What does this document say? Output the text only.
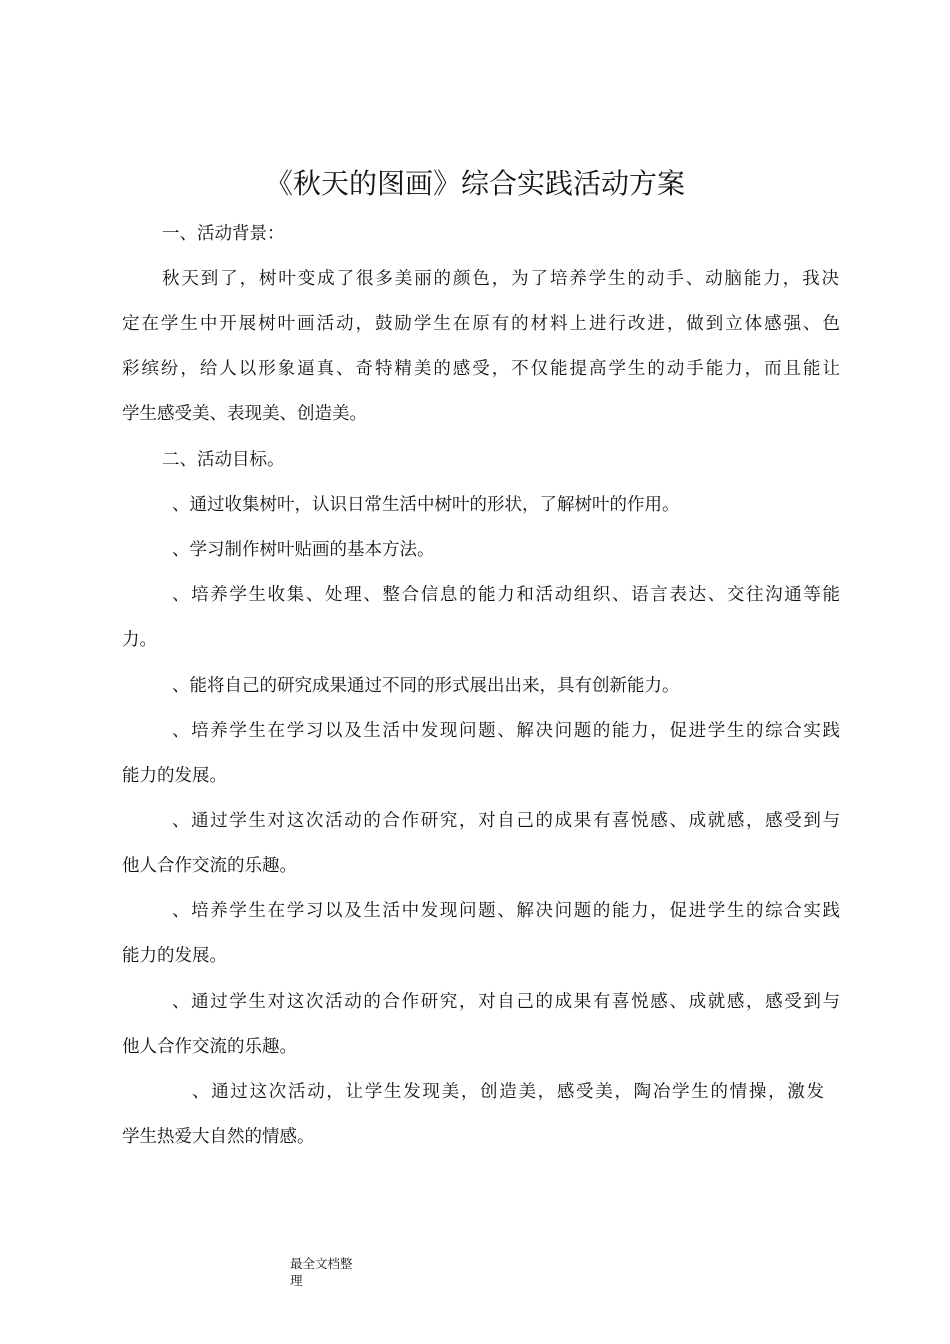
《秋天的图画》综合实践活动方案

一、活动背景：

秋天到了，树叶变成了很多美丽的颜色，为了培养学生的动手、动脑能力，我决

定在学生中开展树叶画活动，鼓励学生在原有的材料上进行改进，做到立体感强、色

彩缤纷，给人以形象逼真、奇特精美的感受，不仅能提高学生的动手能力，而且能让

学生感受美、表现美、创造美。

二、活动目标。

、通过收集树叶，认识日常生活中树叶的形状，了解树叶的作用。

、学习制作树叶贴画的基本方法。

、培养学生收集、处理、整合信息的能力和活动组织、语言表达、交往沟通等能

力。

、能将自己的研究成果通过不同的形式展出出来，具有创新能力。

、培养学生在学习以及生活中发现问题、解决问题的能力，促进学生的综合实践

能力的发展。

、通过学生对这次活动的合作研究，对自己的成果有喜悦感、成就感，感受到与

他人合作交流的乐趣。

、培养学生在学习以及生活中发现问题、解决问题的能力，促进学生的综合实践

能力的发展。

、通过学生对这次活动的合作研究，对自己的成果有喜悦感、成就感，感受到与

他人合作交流的乐趣。

、通过这次活动，让学生发现美，创造美，感受美，陶冶学生的情操，激发

学生热爱大自然的情感。

最全文档整
理
